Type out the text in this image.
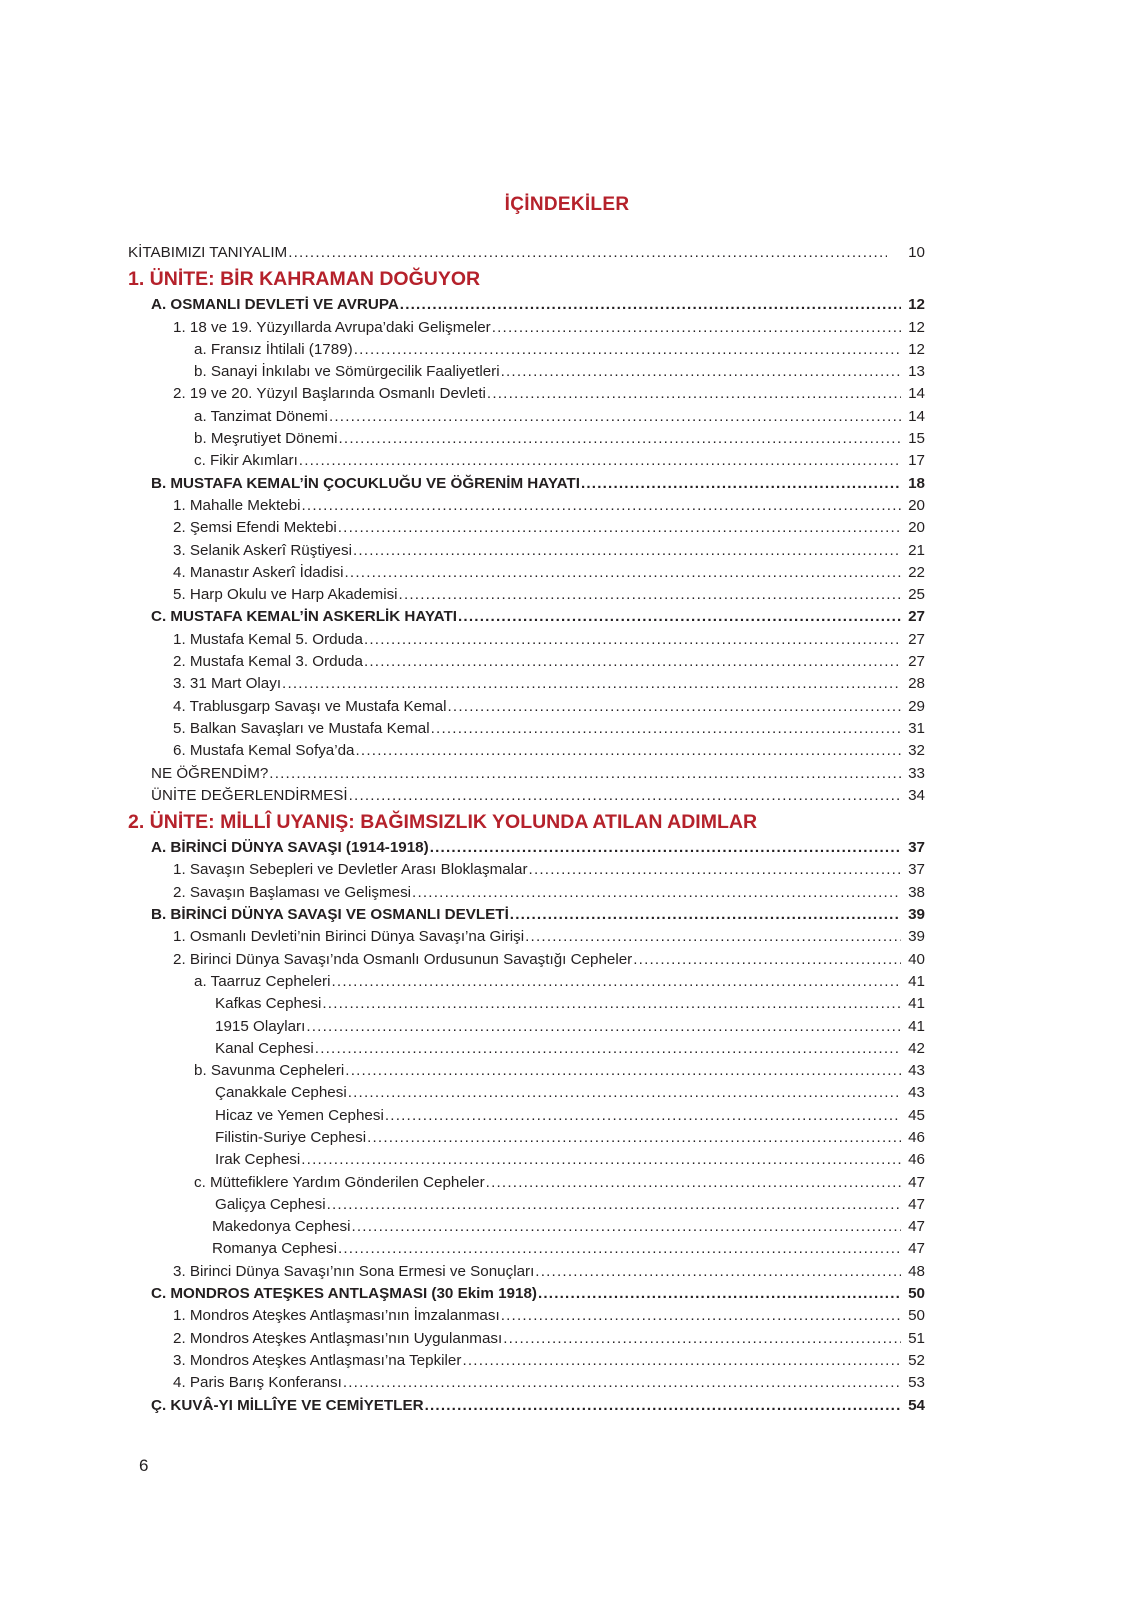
İÇİNDEKİLER
KİTABIMIZI TANIYALIM .....	10
1. ÜNİTE: BİR KAHRAMAN DOĞUYOR
A. OSMANLI DEVLETİ VE AVRUPA .....	12
1. 18 ve 19. Yüzyıllarda Avrupa’daki Gelişmeler .....	12
a. Fransız İhtilali (1789) .....	12
b. Sanayi İnkılabı ve Sömürgecilik Faaliyetleri .....	13
2. 19 ve 20. Yüzyıl Başlarında Osmanlı Devleti .....	14
a. Tanzimat Dönemi .....	14
b. Meşrutiyet Dönemi .....	15
c. Fikir Akımları .....	17
B. MUSTAFA KEMAL’İN ÇOCUKLUĞU VE ÖĞRENİM HAYATI .....	18
1. Mahalle Mektebi .....	20
2. Şemsi Efendi Mektebi .....	20
3. Selanik Askerî Rüştiyesi .....	21
4. Manastır Askerî İdadisi .....	22
5. Harp Okulu ve Harp Akademisi .....	25
C. MUSTAFA KEMAL’İN ASKERLİK HAYATI .....	27
1. Mustafa Kemal 5. Orduda .....	27
2. Mustafa Kemal 3. Orduda .....	27
3. 31 Mart Olayı .....	28
4. Trablusgarp Savaşı ve Mustafa Kemal .....	29
5. Balkan Savaşları ve Mustafa Kemal .....	31
6. Mustafa Kemal Sofya’da .....	32
NE ÖĞRENDİM? .....	33
ÜNİTE DEĞERLENDİRMESİ .....	34
2. ÜNİTE: MİLLÎ UYANIŞ: BAĞIMSIZLIK YOLUNDA ATILAN ADIMLAR
A. BİRİNCİ DÜNYA SAVAŞI (1914-1918) .....	37
1. Savaşın Sebepleri ve Devletler Arası Bloklaşmalar .....	37
2. Savaşın Başlaması ve Gelişmesi .....	38
B. BİRİNCİ DÜNYA SAVAŞI VE OSMANLI DEVLETİ .....	39
1. Osmanlı Devleti’nin Birinci Dünya Savaşı’na Girişi .....	39
2. Birinci Dünya Savaşı’nda Osmanlı Ordusunun Savaştığı Cepheler .....	40
a. Taarruz Cepheleri .....	41
Kafkas Cephesi .....	41
1915 Olayları .....	41
Kanal Cephesi .....	42
b. Savunma Cepheleri .....	43
Çanakkale Cephesi .....	43
Hicaz ve Yemen Cephesi .....	45
Filistin-Suriye Cephesi .....	46
Irak Cephesi .....	46
c. Müttefiklere Yardım Gönderilen Cepheler .....	47
Galiçya Cephesi .....	47
Makedonya Cephesi .....	47
Romanya Cephesi .....	47
3. Birinci Dünya Savaşı’nın Sona Ermesi ve Sonuçları .....	48
C. MONDROS ATEŞKES ANTLAŞMASI (30 Ekim 1918) .....	50
1. Mondros Ateşkes Antlaşması’nın İmzalanması .....	50
2. Mondros Ateşkes Antlaşması’nın Uygulanması .....	51
3. Mondros Ateşkes Antlaşması’na Tepkiler .....	52
4. Paris Barış Konferansı .....	53
Ç. KUVÂ-YI MİLLÎYE VE CEMİYETLER .....	54
6
